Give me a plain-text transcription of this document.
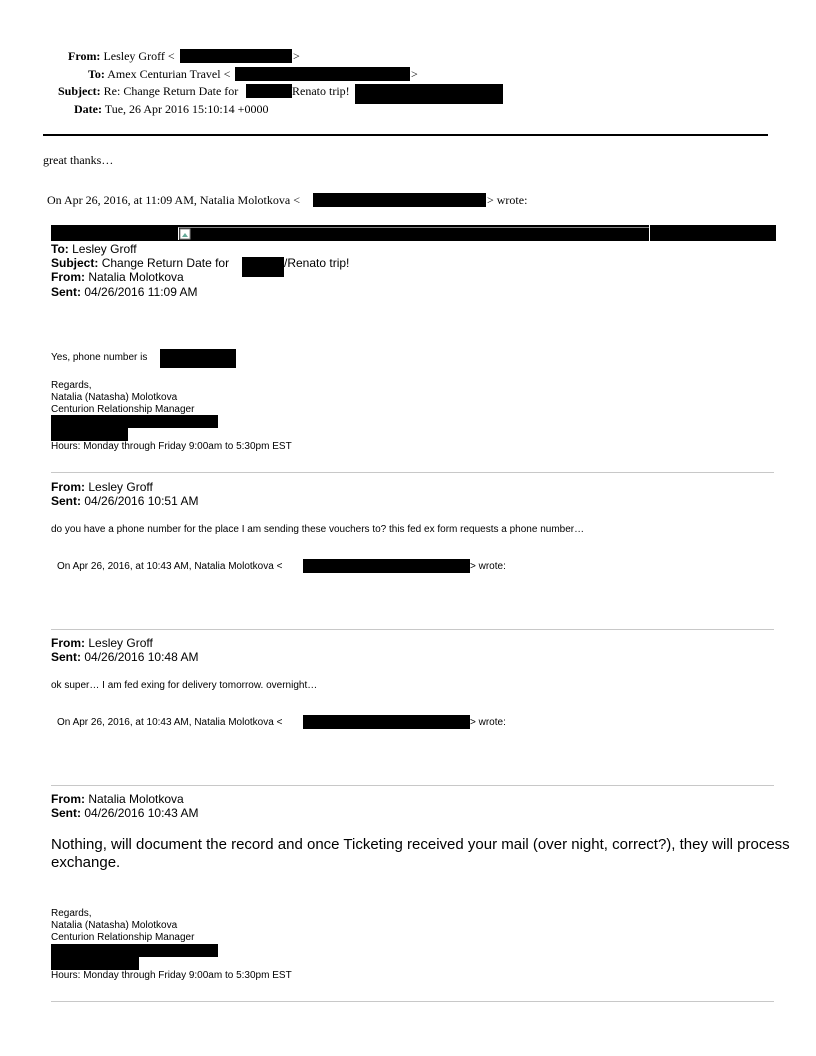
From: Lesley Groff <	>
To: Amex Centurian Travel <	>
Subject: Re: Change Return Date for	Renato trip!
Date: Tue, 26 Apr 2016 15:10:14 +0000
great thanks…
On Apr 26, 2016, at 11:09 AM, Natalia Molotkova <	> wrote:
To: Lesley Groff
Subject: Change Return Date for	/Renato trip!
From: Natalia Molotkova
Sent: 04/26/2016 11:09 AM
Yes, phone number is
Regards,
Natalia (Natasha) Molotkova
Centurion Relationship Manager
Hours: Monday through Friday 9:00am to 5:30pm EST
From: Lesley Groff
Sent: 04/26/2016 10:51 AM
do you have a phone number for the place I am sending these vouchers to? this fed ex form requests a phone number…
On Apr 26, 2016, at 10:43 AM, Natalia Molotkova <	> wrote:
From: Lesley Groff
Sent: 04/26/2016 10:48 AM
ok super… I am fed exing for delivery tomorrow. overnight…
On Apr 26, 2016, at 10:43 AM, Natalia Molotkova <	> wrote:
From: Natalia Molotkova
Sent: 04/26/2016 10:43 AM
Nothing, will document the record and once Ticketing received your mail (over night, correct?), they will process
exchange.
Regards,
Natalia (Natasha) Molotkova
Centurion Relationship Manager
Hours: Monday through Friday 9:00am to 5:30pm EST
